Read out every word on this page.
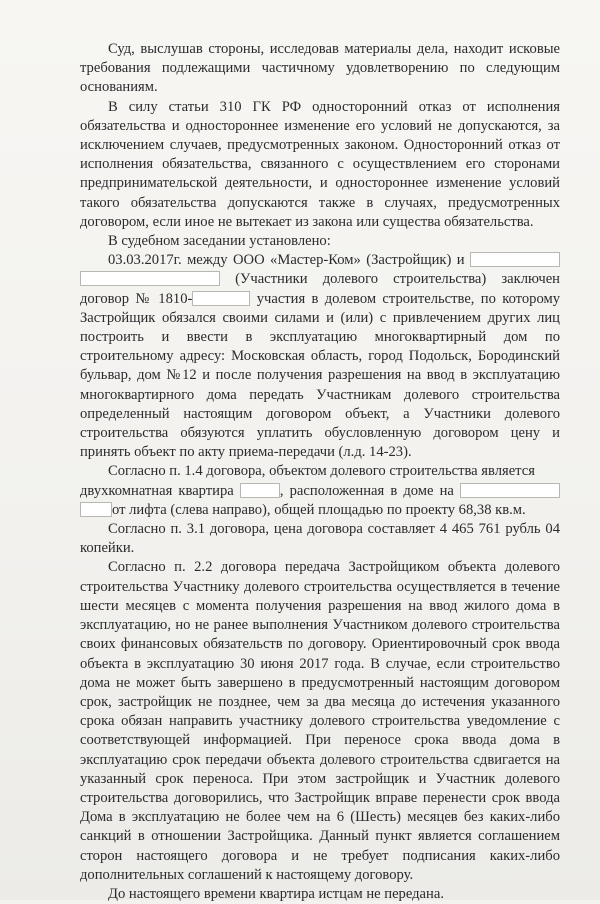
Суд, выслушав стороны, исследовав материалы дела, находит исковые требования подлежащими частичному удовлетворению по следующим основаниям.

В силу статьи 310 ГК РФ односторонний отказ от исполнения обязательства и одностороннее изменение его условий не допускаются, за исключением случаев, предусмотренных законом. Односторонний отказ от исполнения обязательства, связанного с осуществлением его сторонами предпринимательской деятельности, и одностороннее изменение условий такого обязательства допускаются также в случаях, предусмотренных договором, если иное не вытекает из закона или существа обязательства.

В судебном заседании установлено:

03.03.2017г. между ООО «Мастер-Ком» (Застройщик) и
(Участники долевого строительства) заключен
договор № 1810-	участия в долевом строительстве, по которому Застройщик обязался своими силами и (или) с привлечением других лиц построить и ввести в эксплуатацию многоквартирный дом по строительному адресу: Московская область, город Подольск, Бородинский бульвар, дом №12 и после получения разрешения на ввод в эксплуатацию многоквартирного дома передать Участникам долевого строительства определенный настоящим договором объект, а Участники долевого строительства обязуются уплатить обусловленную договором цену и принять объект по акту приема-передачи (л.д. 14-23).

Согласно п. 1.4 договора, объектом долевого строительства является
двухкомнатная квартира	, расположенная в доме на
от лифта (слева направо), общей площадью по проекту 68,38 кв.м.

Согласно п. 3.1 договора, цена договора составляет 4 465 761 рубль 04 копейки.

Согласно п. 2.2 договора передача Застройщиком объекта долевого строительства Участнику долевого строительства осуществляется в течение шести месяцев с момента получения разрешения на ввод жилого дома в эксплуатацию, но не ранее выполнения Участником долевого строительства своих финансовых обязательств по договору. Ориентировочный срок ввода объекта в эксплуатацию 30 июня 2017 года. В случае, если строительство дома не может быть завершено в предусмотренный настоящим договором срок, застройщик не позднее, чем за два месяца до истечения указанного срока обязан направить участнику долевого строительства уведомление с соответствующей информацией. При переносе срока ввода дома в эксплуатацию срок передачи объекта долевого строительства сдвигается на указанный срок переноса. При этом застройщик и Участник долевого строительства договорились, что Застройщик вправе перенести срок ввода Дома в эксплуатацию не более чем на 6 (Шесть) месяцев без каких-либо санкций в отношении Застройщика. Данный пункт является соглашением сторон настоящего договора и не требует подписания каких-либо дополнительных соглашений к настоящему договору.

До настоящего времени квартира истцам не передана.
